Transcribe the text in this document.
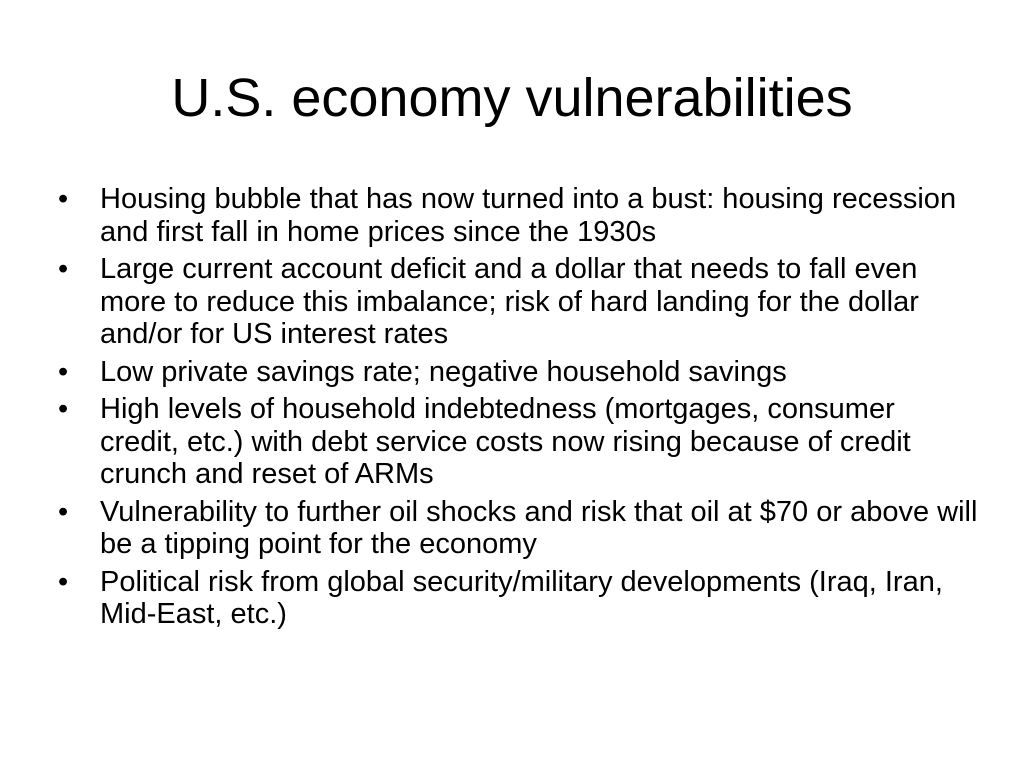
U.S. economy vulnerabilities
•	Housing bubble that has now turned into a bust: housing recession and first fall in home prices since the 1930s
•	Large current account deficit and a dollar that needs to fall even more to reduce this imbalance; risk of hard landing for the dollar and/or for US interest rates
•	Low private savings rate; negative household savings
•	High levels of household indebtedness (mortgages, consumer credit, etc.) with debt service costs now rising because of credit crunch and reset of ARMs
•	Vulnerability to further oil shocks and risk that oil at $70 or above will be a tipping point for the economy
•	Political risk from global security/military developments (Iraq, Iran, Mid-East, etc.)
